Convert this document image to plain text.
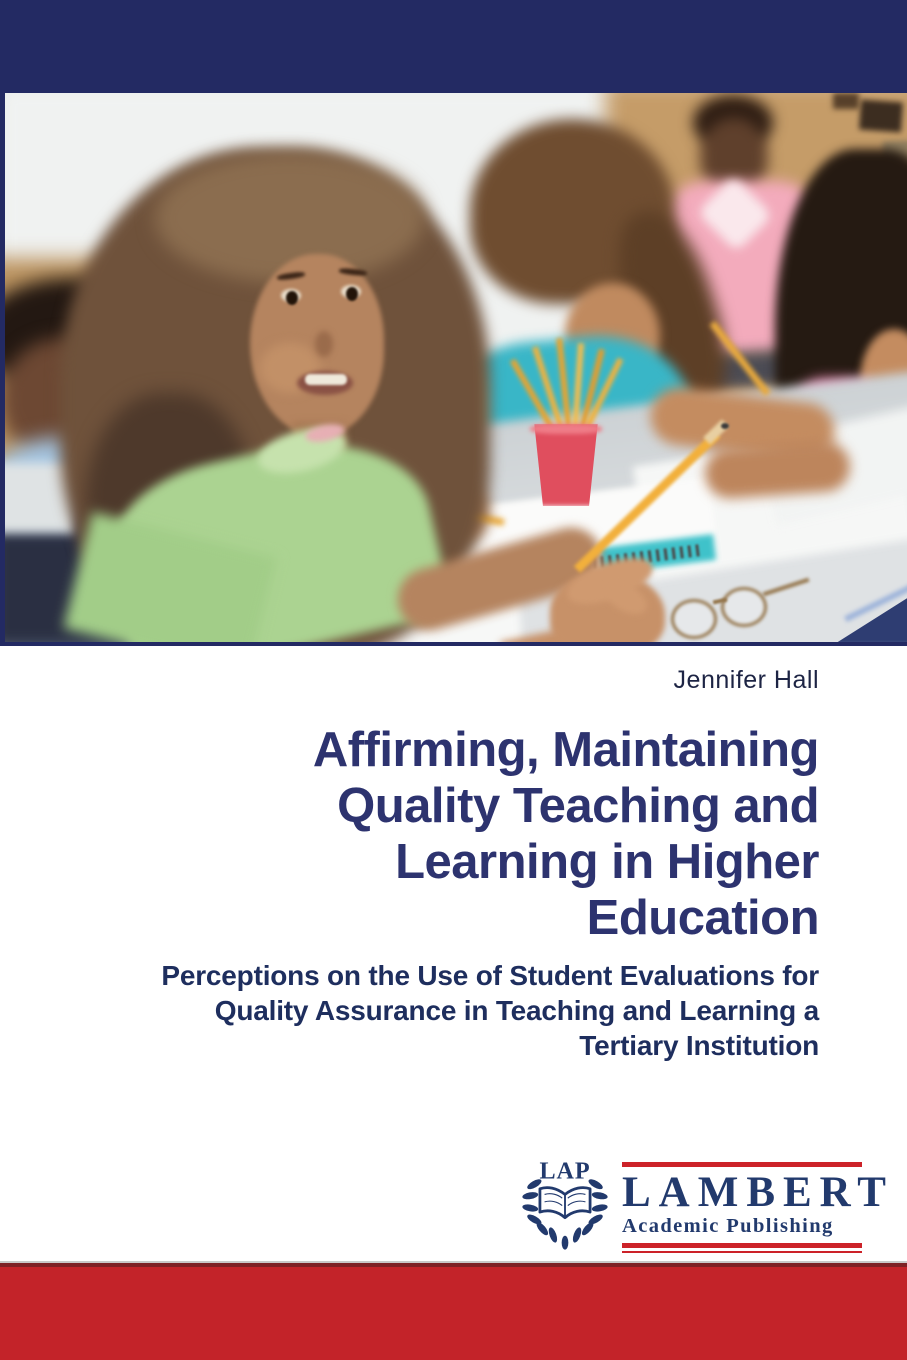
Jennifer Hall
Affirming, Maintaining
Quality Teaching and
Learning in Higher
Education
Perceptions on the Use of Student Evaluations for
Quality Assurance in Teaching and Learning a
Tertiary Institution
LAP LAMBERT
Academic Publishing
